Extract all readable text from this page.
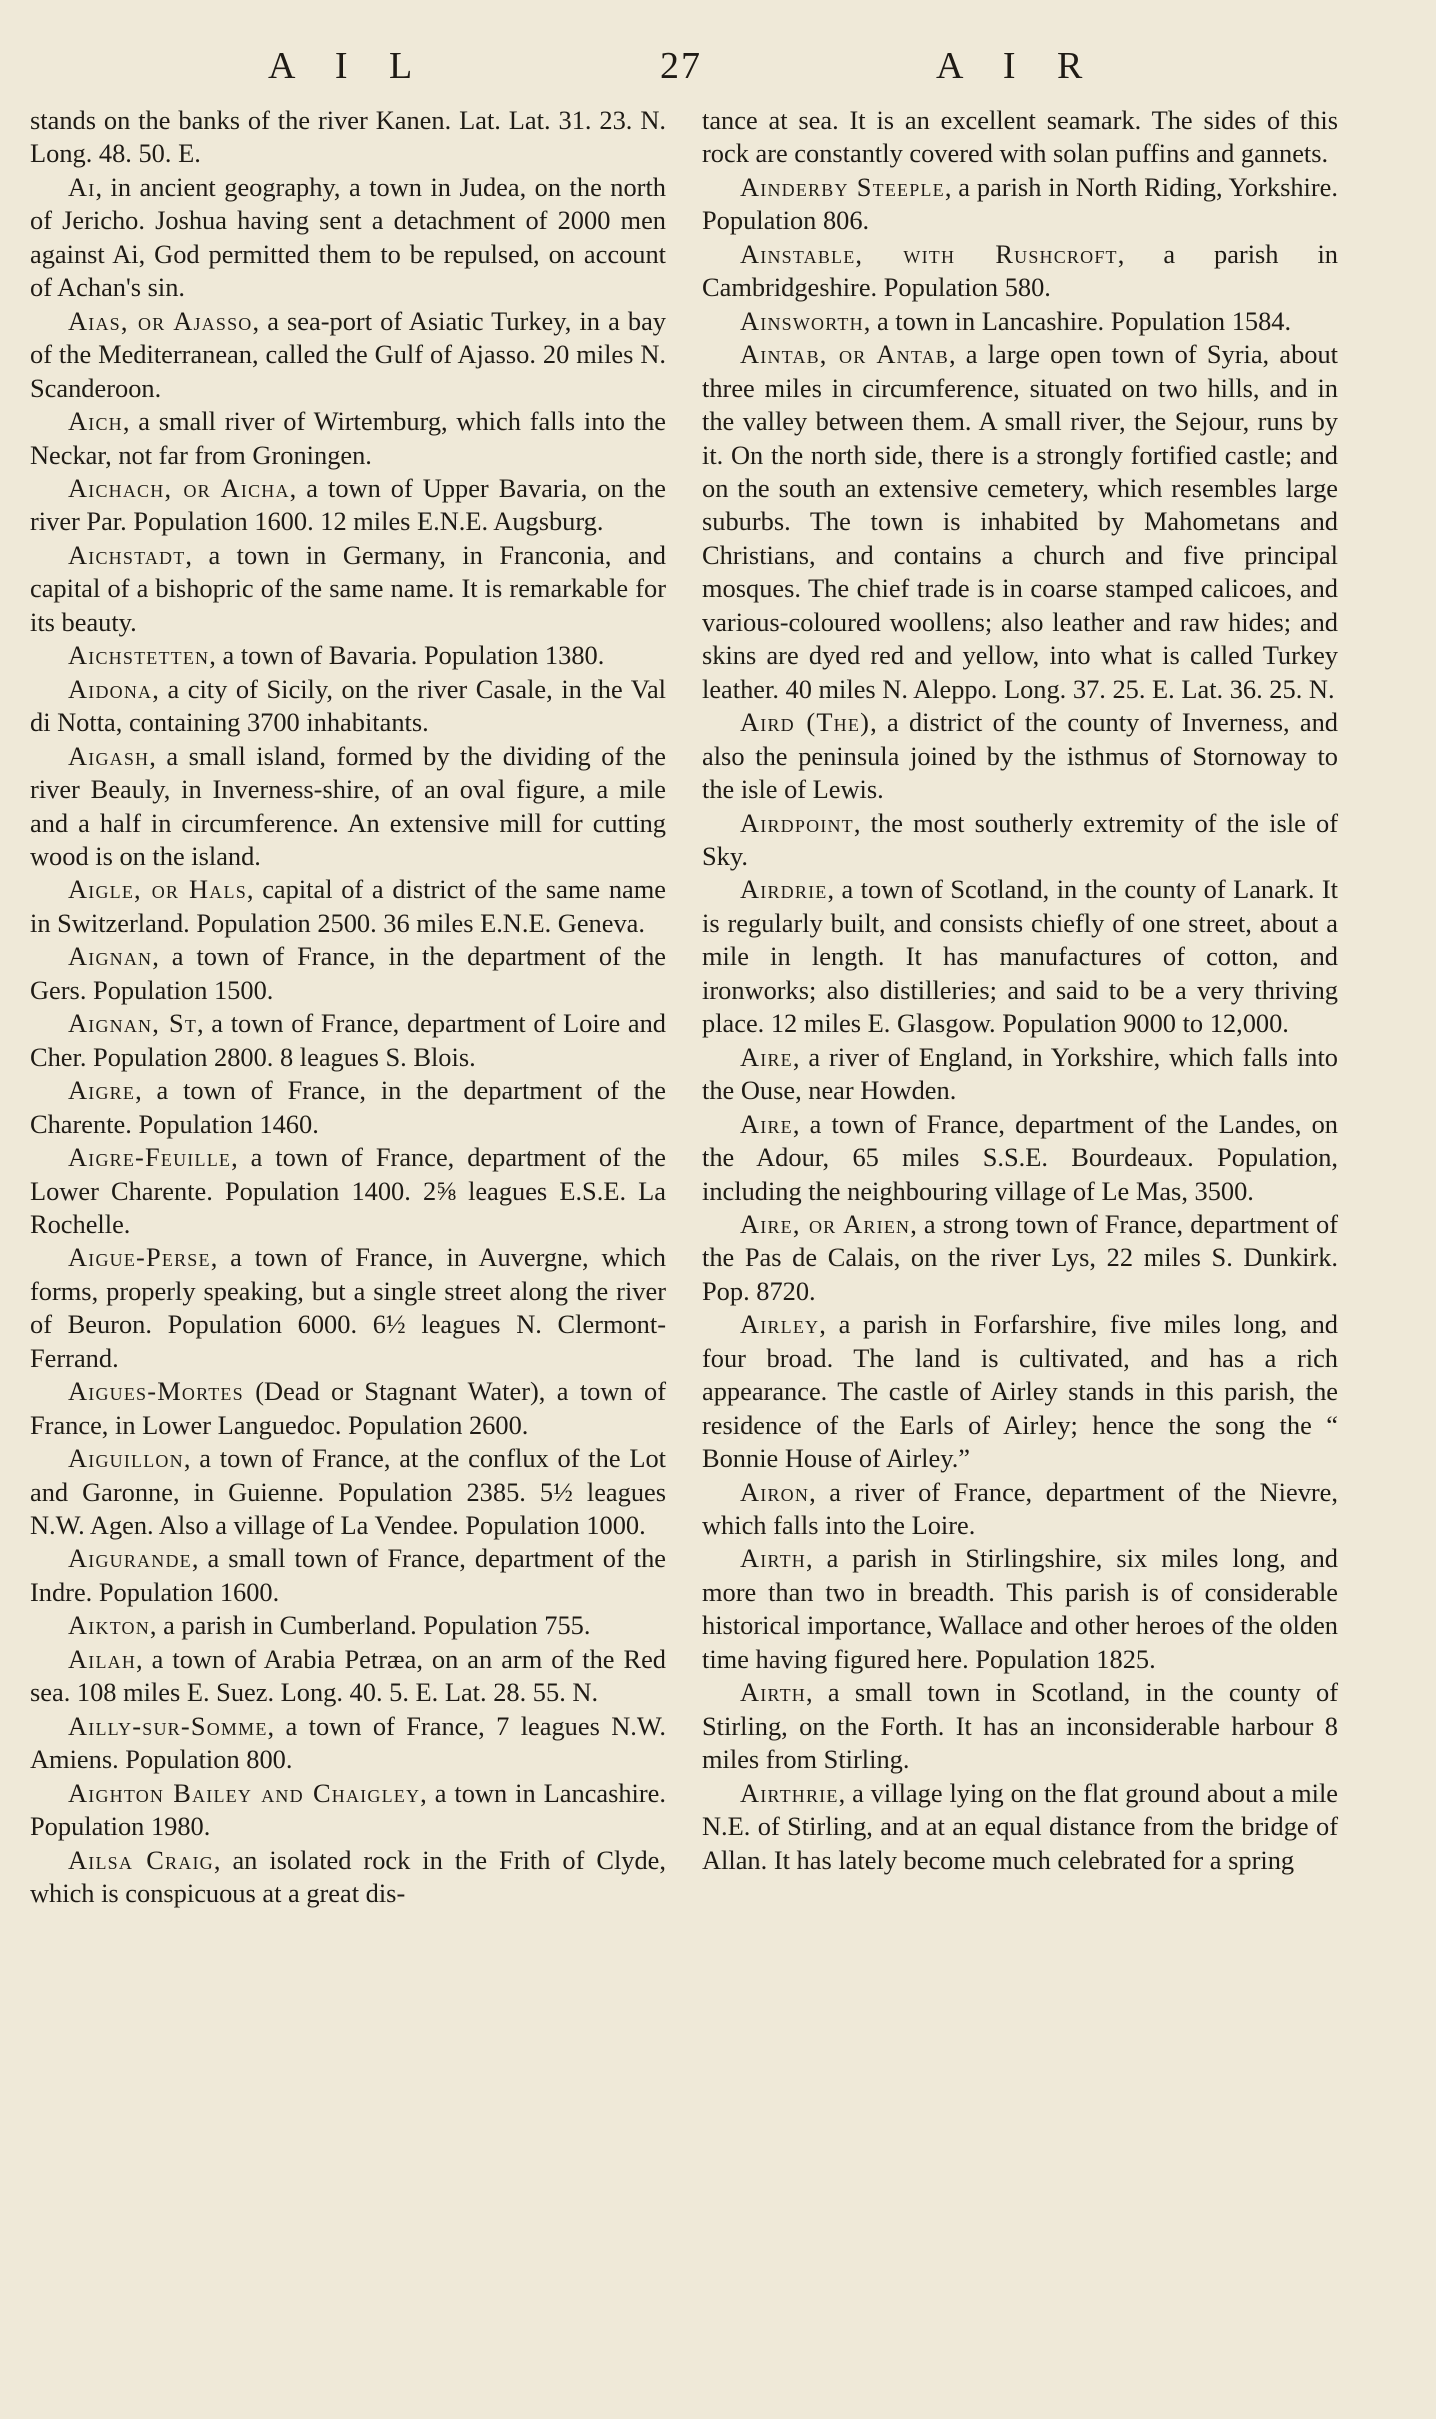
A I L	27	A I R

stands on the banks of the river Kanen. Lat. Lat. 31. 23. N. Long. 48. 50. E.

Ai, in ancient geography, a town in Judea, on the north of Jericho. Joshua having sent a detachment of 2000 men against Ai, God permitted them to be repulsed, on account of Achan's sin.

Aias, or Ajasso, a sea-port of Asiatic Turkey, in a bay of the Mediterranean, called the Gulf of Ajasso. 20 miles N. Scanderoon.

Aich, a small river of Wirtemburg, which falls into the Neckar, not far from Groningen.

Aichach, or Aicha, a town of Upper Bavaria, on the river Par. Population 1600. 12 miles E.N.E. Augsburg.

Aichstadt, a town in Germany, in Franconia, and capital of a bishopric of the same name. It is remarkable for its beauty.

Aichstetten, a town of Bavaria. Population 1380.

Aidona, a city of Sicily, on the river Casale, in the Val di Notta, containing 3700 inhabitants.

Aigash, a small island, formed by the dividing of the river Beauly, in Inverness-shire, of an oval figure, a mile and a half in circumference. An extensive mill for cutting wood is on the island.

Aigle, or Hals, capital of a district of the same name in Switzerland. Population 2500. 36 miles E.N.E. Geneva.

Aignan, a town of France, in the department of the Gers. Population 1500.

Aignan, St, a town of France, department of Loire and Cher. Population 2800. 8 leagues S. Blois.

Aigre, a town of France, in the department of the Charente. Population 1460.

Aigre-Feuille, a town of France, department of the Lower Charente. Population 1400. 2⅝ leagues E.S.E. La Rochelle.

Aigue-Perse, a town of France, in Auvergne, which forms, properly speaking, but a single street along the river of Beuron. Population 6000. 6½ leagues N. Clermont-Ferrand.

Aigues-Mortes (Dead or Stagnant Water), a town of France, in Lower Languedoc. Population 2600.

Aiguillon, a town of France, at the conflux of the Lot and Garonne, in Guienne. Population 2385. 5½ leagues N.W. Agen. Also a village of La Vendee. Population 1000.

Aigurande, a small town of France, department of the Indre. Population 1600.

Aikton, a parish in Cumberland. Population 755.

Ailah, a town of Arabia Petræa, on an arm of the Red sea. 108 miles E. Suez. Long. 40. 5. E. Lat. 28. 55. N.

Ailly-sur-Somme, a town of France, 7 leagues N.W. Amiens. Population 800.

Aighton Bailey and Chaigley, a town in Lancashire. Population 1980.

Ailsa Craig, an isolated rock in the Frith of Clyde, which is conspicuous at a great dis-

tance at sea. It is an excellent seamark. The sides of this rock are constantly covered with solan puffins and gannets.

Ainderby Steeple, a parish in North Riding, Yorkshire. Population 806.

Ainstable, with Rushcroft, a parish in Cambridgeshire. Population 580.

Ainsworth, a town in Lancashire. Population 1584.

Aintab, or Antab, a large open town of Syria, about three miles in circumference, situated on two hills, and in the valley between them. A small river, the Sejour, runs by it. On the north side, there is a strongly fortified castle; and on the south an extensive cemetery, which resembles large suburbs. The town is inhabited by Mahometans and Christians, and contains a church and five principal mosques. The chief trade is in coarse stamped calicoes, and various-coloured woollens; also leather and raw hides; and skins are dyed red and yellow, into what is called Turkey leather. 40 miles N. Aleppo. Long. 37. 25. E. Lat. 36. 25. N.

Aird (The), a district of the county of Inverness, and also the peninsula joined by the isthmus of Stornoway to the isle of Lewis.

Airdpoint, the most southerly extremity of the isle of Sky.

Airdrie, a town of Scotland, in the county of Lanark. It is regularly built, and consists chiefly of one street, about a mile in length. It has manufactures of cotton, and ironworks; also distilleries; and said to be a very thriving place. 12 miles E. Glasgow. Population 9000 to 12,000.

Aire, a river of England, in Yorkshire, which falls into the Ouse, near Howden.

Aire, a town of France, department of the Landes, on the Adour, 65 miles S.S.E. Bourdeaux. Population, including the neighbouring village of Le Mas, 3500.

Aire, or Arien, a strong town of France, department of the Pas de Calais, on the river Lys, 22 miles S. Dunkirk. Pop. 8720.

Airley, a parish in Forfarshire, five miles long, and four broad. The land is cultivated, and has a rich appearance. The castle of Airley stands in this parish, the residence of the Earls of Airley; hence the song the “ Bonnie House of Airley.”

Airon, a river of France, department of the Nievre, which falls into the Loire.

Airth, a parish in Stirlingshire, six miles long, and more than two in breadth. This parish is of considerable historical importance, Wallace and other heroes of the olden time having figured here. Population 1825.

Airth, a small town in Scotland, in the county of Stirling, on the Forth. It has an inconsiderable harbour 8 miles from Stirling.

Airthrie, a village lying on the flat ground about a mile N.E. of Stirling, and at an equal distance from the bridge of Allan. It has lately become much celebrated for a spring
